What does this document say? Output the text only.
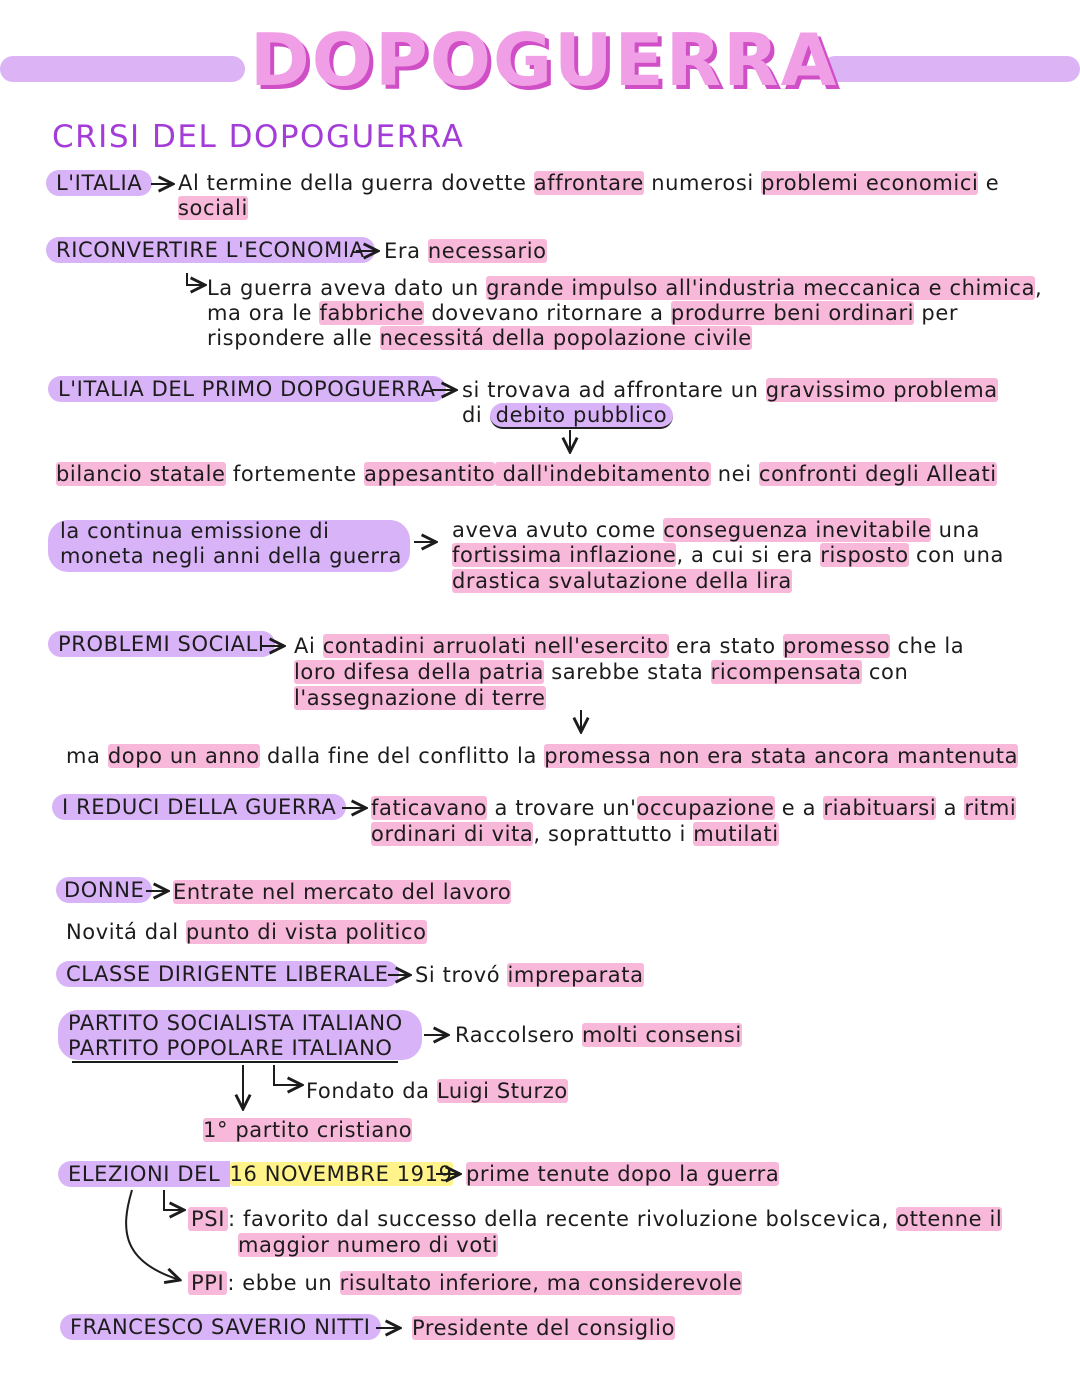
DOPOGUERRA
CRISI DEL DOPOGUERRA
L'ITALIA	Al termine della guerra dovette affrontare numerosi problemi economici e
sociali
RICONVERTIRE L'ECONOMIA Era necessario
La guerra aveva dato un grande impulso all'industria meccanica e chimica,
ma ora le fabbriche dovevano ritornare a produrre beni ordinari per
rispondere alle necessitá della popolazione civile
L'ITALIA DEL PRIMO DOPOGUERRA	si trovava ad affrontare un gravissimo problema
di debito pubblico
bilancio statale fortemente appesantito dall'indebitamento nei confronti degli Alleati
la continua emissione di
moneta negli anni della guerra
aveva avuto come conseguenza inevitabile una
fortissima inflazione, a cui si era risposto con una
drastica svalutazione della lira
PROBLEMI SOCIALI	Ai contadini arruolati nell'esercito era stato promesso che la
loro difesa della patria sarebbe stata ricompensata con
l'assegnazione di terre
ma dopo un anno dalla fine del conflitto la promessa non era stata ancora mantenuta
I REDUCI DELLA GUERRA	faticavano a trovare un'occupazione e a riabituarsi a ritmi
ordinari di vita, soprattutto i mutilati
DONNE	Entrate nel mercato del lavoro
Novitá dal punto di vista politico
CLASSE DIRIGENTE LIBERALE	Si trovó impreparata
PARTITO SOCIALISTA ITALIANO
PARTITO POPOLARE ITALIANO
Raccolsero molti consensi
Fondato da Luigi Sturzo
1° partito cristiano
ELEZIONI DEL 16 NOVEMBRE 1919 prime tenute dopo la guerra
PSI : favorito dal successo della recente rivoluzione bolscevica, ottenne il
maggior numero di voti
PPI : ebbe un risultato inferiore, ma considerevole
FRANCESCO SAVERIO NITTI	Presidente del consiglio
